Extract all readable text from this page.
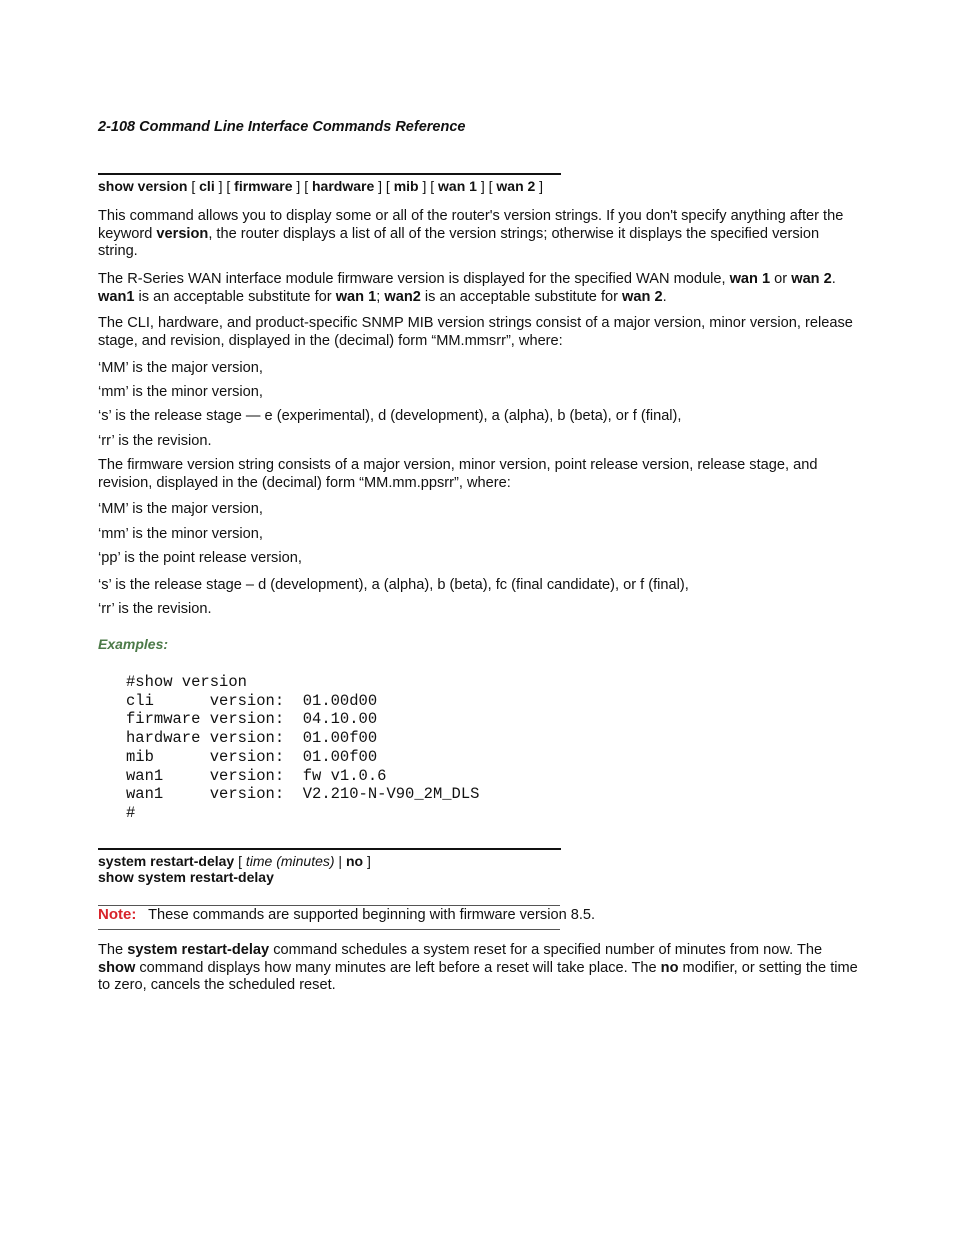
2-108 Command Line Interface Commands Reference
show version [ cli ] [ firmware ] [ hardware ] [ mib ] [ wan 1 ] [ wan 2 ]
This command allows you to display some or all of the router's version strings. If you don't specify anything after the keyword version, the router displays a list of all of the version strings; otherwise it displays the specified version string.
The R-Series WAN interface module firmware version is displayed for the specified WAN module, wan 1 or wan 2. wan1 is an acceptable substitute for wan 1; wan2 is an acceptable substitute for wan 2.
The CLI, hardware, and product-specific SNMP MIB version strings consist of a major version, minor version, release stage, and revision, displayed in the (decimal) form “MM.mmsrr”, where:
‘MM’ is the major version,
‘mm’ is the minor version,
‘s’ is the release stage — e (experimental), d (development), a (alpha), b (beta), or f (final),
‘rr’ is the revision.
The firmware version string consists of a major version, minor version, point release version, release stage, and revision, displayed in the (decimal) form “MM.mm.ppsrr”, where:
‘MM’ is the major version,
‘mm’ is the minor version,
‘pp’ is the point release version,
‘s’ is the release stage – d (development), a (alpha), b (beta), fc (final candidate), or f (final),
‘rr’ is the revision.
Examples:
#show version
cli      version:  01.00d00
firmware version:  04.10.00
hardware version:  01.00f00
mib      version:  01.00f00
wan1     version:  fw v1.0.6
wan1     version:  V2.210-N-V90_2M_DLS
#
system restart-delay [ time (minutes) | no ]
show system restart-delay
Note: These commands are supported beginning with firmware version 8.5.
The system restart-delay command schedules a system reset for a specified number of minutes from now. The show command displays how many minutes are left before a reset will take place. The no modifier, or setting the time to zero, cancels the scheduled reset.
